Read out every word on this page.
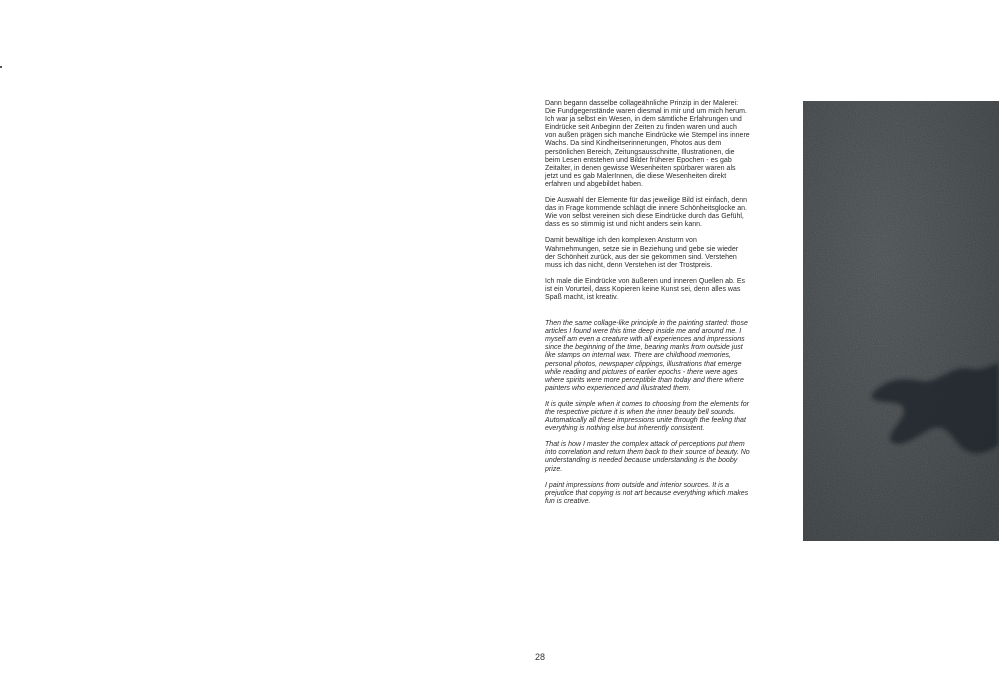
Dann begann dasselbe collageähnliche Prinzip in der Malerei: Die Fundgegenstände waren diesmal in mir und um mich herum. Ich war ja selbst ein Wesen, in dem sämtliche Erfahrungen und Eindrücke seit Anbeginn der Zeiten zu finden waren und auch von außen prägen sich manche Eindrücke wie Stempel ins innere Wachs. Da sind Kindheitserinnerungen, Photos aus dem persönlichen Bereich, Zeitungsausschnitte, Illustrationen, die beim Lesen entstehen und Bilder früherer Epochen - es gab Zeitalter, in denen gewisse Wesenheiten spürbarer waren als jetzt und es gab MalerInnen, die diese Wesenheiten direkt erfahren und abgebildet haben.

Die Auswahl der Elemente für das jeweilige Bild ist einfach, denn das in Frage kommende schlägt die innere Schönheitsglocke an. Wie von selbst vereinen sich diese Eindrücke durch das Gefühl, dass es so stimmig ist und nicht anders sein kann.

Damit bewältige ich den komplexen Ansturm von Wahrnehmungen, setze sie in Beziehung und gebe sie wieder der Schönheit zurück, aus der sie gekommen sind. Verstehen muss ich das nicht, denn Verstehen ist der Trostpreis.

Ich male die Eindrücke von äußeren und inneren Quellen ab. Es ist ein Vorurteil, dass Kopieren keine Kunst sei, denn alles was Spaß macht, ist kreativ.

Then the same collage-like principle in the painting started: those articles I found were this time deep inside me and around me. I myself am even a creature with all experiences and impressions since the beginning of the time, bearing marks from outside just like stamps on internal wax. There are childhood memories, personal photos, newspaper clippings, illustrations that emerge while reading and pictures of earlier epochs - there were ages where spirits were more perceptible than today and there where painters who experienced and illustrated them.

It is quite simple when it comes to choosing from the elements for the respective picture it is when the inner beauty bell sounds. Automatically all these impressions unite through the feeling that everything is nothing else but inherently consistent.

That is how I master the complex attack of perceptions put them into correlation and return them back to their source of beauty. No understanding is needed because understanding is the booby prize.

I paint impressions from outside and interior sources. It is a prejudice that copying is not art because everything which makes fun is creative.

28
